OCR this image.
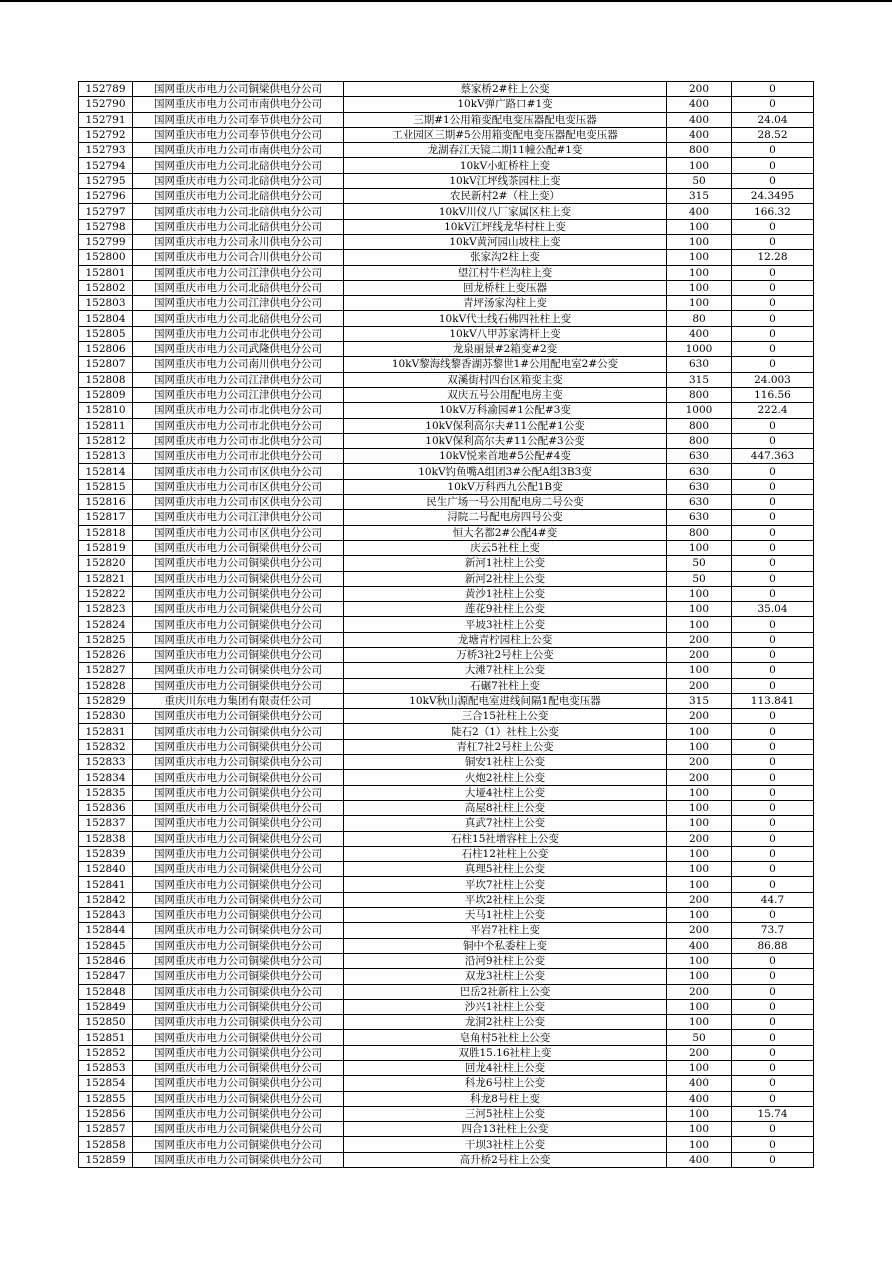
152789	国网重庆市电力公司铜梁供电分公司	蔡家桥2#柱上公变	200	0
152790	国网重庆市电力公司市南供电分公司	10kV弹广路口#1变	400	0
152791	国网重庆市电力公司奉节供电分公司	三期#1公用箱变配电变压器配电变压器	400	24.04
152792	国网重庆市电力公司奉节供电分公司	工业园区三期#5公用箱变配电变压器配电变压器	400	28.52
152793	国网重庆市电力公司市南供电分公司	龙湖春江天镜二期11幢公配#1变	800	0
152794	国网重庆市电力公司北碚供电分公司	10kV小虹桥柱上变	100	0
152795	国网重庆市电力公司北碚供电分公司	10kV江坪线茶园柱上变	50	0
152796	国网重庆市电力公司北碚供电分公司	农民新村2#（柱上变）	315	24.3495
152797	国网重庆市电力公司北碚供电分公司	10kV川仪八厂家属区柱上变	400	166.32
152798	国网重庆市电力公司北碚供电分公司	10kV江坪线龙华村柱上变	100	0
152799	国网重庆市电力公司永川供电分公司	10kV黄河园山坡柱上变	100	0
152800	国网重庆市电力公司合川供电分公司	张家沟2柱上变	100	12.28
152801	国网重庆市电力公司江津供电分公司	望江村牛栏沟柱上变	100	0
152802	国网重庆市电力公司北碚供电分公司	回龙桥柱上变压器	100	0
152803	国网重庆市电力公司江津供电分公司	青坪汤家沟柱上变	100	0
152804	国网重庆市电力公司北碚供电分公司	10kV代士线石佛四社柱上变	80	0
152805	国网重庆市电力公司市北供电分公司	10kV八甲苏家湾杆上变	400	0
152806	国网重庆市电力公司武隆供电分公司	龙泉丽景#2箱变#2变	1000	0
152807	国网重庆市电力公司南川供电分公司	10kV黎海线黎香湖苏黎世1#公用配电室2#公变	630	0
152808	国网重庆市电力公司江津供电分公司	双溪街村四台区箱变主变	315	24.003
152809	国网重庆市电力公司江津供电分公司	双庆五号公用配电房主变	800	116.56
152810	国网重庆市电力公司市北供电分公司	10kV万科渝园#1公配#3变	1000	222.4
152811	国网重庆市电力公司市北供电分公司	10kV保利高尔夫#11公配#1公变	800	0
152812	国网重庆市电力公司市北供电分公司	10kV保利高尔夫#11公配#3公变	800	0
152813	国网重庆市电力公司市北供电分公司	10kV悦来首地#5公配#4变	630	447.363
152814	国网重庆市电力公司市区供电分公司	10kV钓鱼嘴A组团3#公配A组3B3变	630	0
152815	国网重庆市电力公司市区供电分公司	10kV万科西九公配1B变	630	0
152816	国网重庆市电力公司市区供电分公司	民生广场一号公用配电房二号公变	630	0
152817	国网重庆市电力公司江津供电分公司	浔院二号配电房四号公变	630	0
152818	国网重庆市电力公司市区供电分公司	恒大名都2#公配4#变	800	0
152819	国网重庆市电力公司铜梁供电分公司	庆云5社柱上变	100	0
152820	国网重庆市电力公司铜梁供电分公司	新河1社柱上公变	50	0
152821	国网重庆市电力公司铜梁供电分公司	新河2社柱上公变	50	0
152822	国网重庆市电力公司铜梁供电分公司	黄沙1社柱上公变	100	0
152823	国网重庆市电力公司铜梁供电分公司	莲花9社柱上公变	100	35.04
152824	国网重庆市电力公司铜梁供电分公司	平坡3社柱上公变	100	0
152825	国网重庆市电力公司铜梁供电分公司	龙塘青柠园柱上公变	200	0
152826	国网重庆市电力公司铜梁供电分公司	万桥3社2号柱上公变	200	0
152827	国网重庆市电力公司铜梁供电分公司	大滩7社柱上公变	100	0
152828	国网重庆市电力公司铜梁供电分公司	石碾7社柱上变	200	0
152829	重庆川东电力集团有限责任公司	10kV秋山源配电室进线间隔1配电变压器	315	113.841
152830	国网重庆市电力公司铜梁供电分公司	三合15社柱上公变	200	0
152831	国网重庆市电力公司铜梁供电分公司	陡石2（1）社柱上公变	100	0
152832	国网重庆市电力公司铜梁供电分公司	青杠7社2号柱上公变	100	0
152833	国网重庆市电力公司铜梁供电分公司	铜安1社柱上公变	200	0
152834	国网重庆市电力公司铜梁供电分公司	火炮2社柱上公变	200	0
152835	国网重庆市电力公司铜梁供电分公司	大垭4社柱上公变	100	0
152836	国网重庆市电力公司铜梁供电分公司	高屋8社柱上公变	100	0
152837	国网重庆市电力公司铜梁供电分公司	真武7社柱上公变	100	0
152838	国网重庆市电力公司铜梁供电分公司	石柱15社增容柱上公变	200	0
152839	国网重庆市电力公司铜梁供电分公司	石柱12社柱上公变	100	0
152840	国网重庆市电力公司铜梁供电分公司	真理5社柱上公变	100	0
152841	国网重庆市电力公司铜梁供电分公司	平坎7社柱上公变	100	0
152842	国网重庆市电力公司铜梁供电分公司	平坎2社柱上公变	200	44.7
152843	国网重庆市电力公司铜梁供电分公司	天马1社柱上公变	100	0
152844	国网重庆市电力公司铜梁供电分公司	平岩7社柱上变	200	73.7
152845	国网重庆市电力公司铜梁供电分公司	铜中个私委柱上变	400	86.88
152846	国网重庆市电力公司铜梁供电分公司	沿河9社柱上公变	100	0
152847	国网重庆市电力公司铜梁供电分公司	双龙3社柱上公变	100	0
152848	国网重庆市电力公司铜梁供电分公司	巴岳2社新柱上公变	200	0
152849	国网重庆市电力公司铜梁供电分公司	沙兴1社柱上公变	100	0
152850	国网重庆市电力公司铜梁供电分公司	龙洞2社柱上公变	100	0
152851	国网重庆市电力公司铜梁供电分公司	皂角村5社柱上公变	50	0
152852	国网重庆市电力公司铜梁供电分公司	双胜15.16社柱上变	200	0
152853	国网重庆市电力公司铜梁供电分公司	回龙4社柱上公变	100	0
152854	国网重庆市电力公司铜梁供电分公司	科龙6号柱上公变	400	0
152855	国网重庆市电力公司铜梁供电分公司	科龙8号柱上变	400	0
152856	国网重庆市电力公司铜梁供电分公司	三河5社柱上公变	100	15.74
152857	国网重庆市电力公司铜梁供电分公司	四合13社柱上公变	100	0
152858	国网重庆市电力公司铜梁供电分公司	干坝3社柱上公变	100	0
152859	国网重庆市电力公司铜梁供电分公司	高升桥2号柱上公变	400	0
